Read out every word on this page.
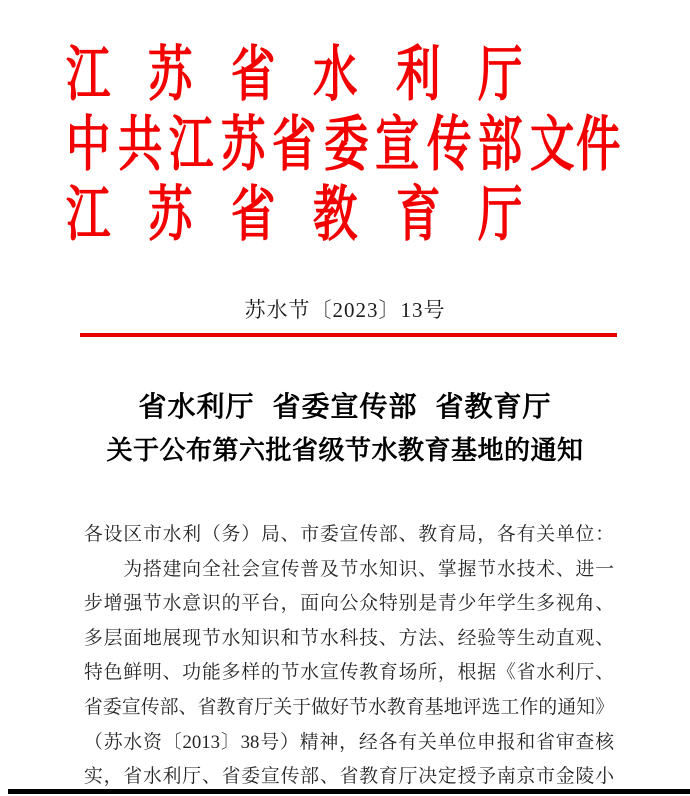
江 苏 省 水 利 厅
中 共 江 苏 省 委 宣 传 部 文 件
江 苏 省 教 育 厅
苏水节〔2023〕13号
省水利厅 省委宣传部 省教育厅
关于公布第六批省级节水教育基地的通知
各设区市水利（务）局、市委宣传部、教育局，各有关单位：
　　为搭建向全社会宣传普及节水知识、掌握节水技术、进一
步增强节水意识的平台，面向公众特别是青少年学生多视角、
多层面地展现节水知识和节水科技、方法、经验等生动直观、
特色鲜明、功能多样的节水宣传教育场所，根据《省水利厅、
省委宣传部、省教育厅关于做好节水教育基地评选工作的通知》
（苏水资〔2013〕38号）精神，经各有关单位申报和省审查核
实，省水利厅、省委宣传部、省教育厅决定授予南京市金陵小
